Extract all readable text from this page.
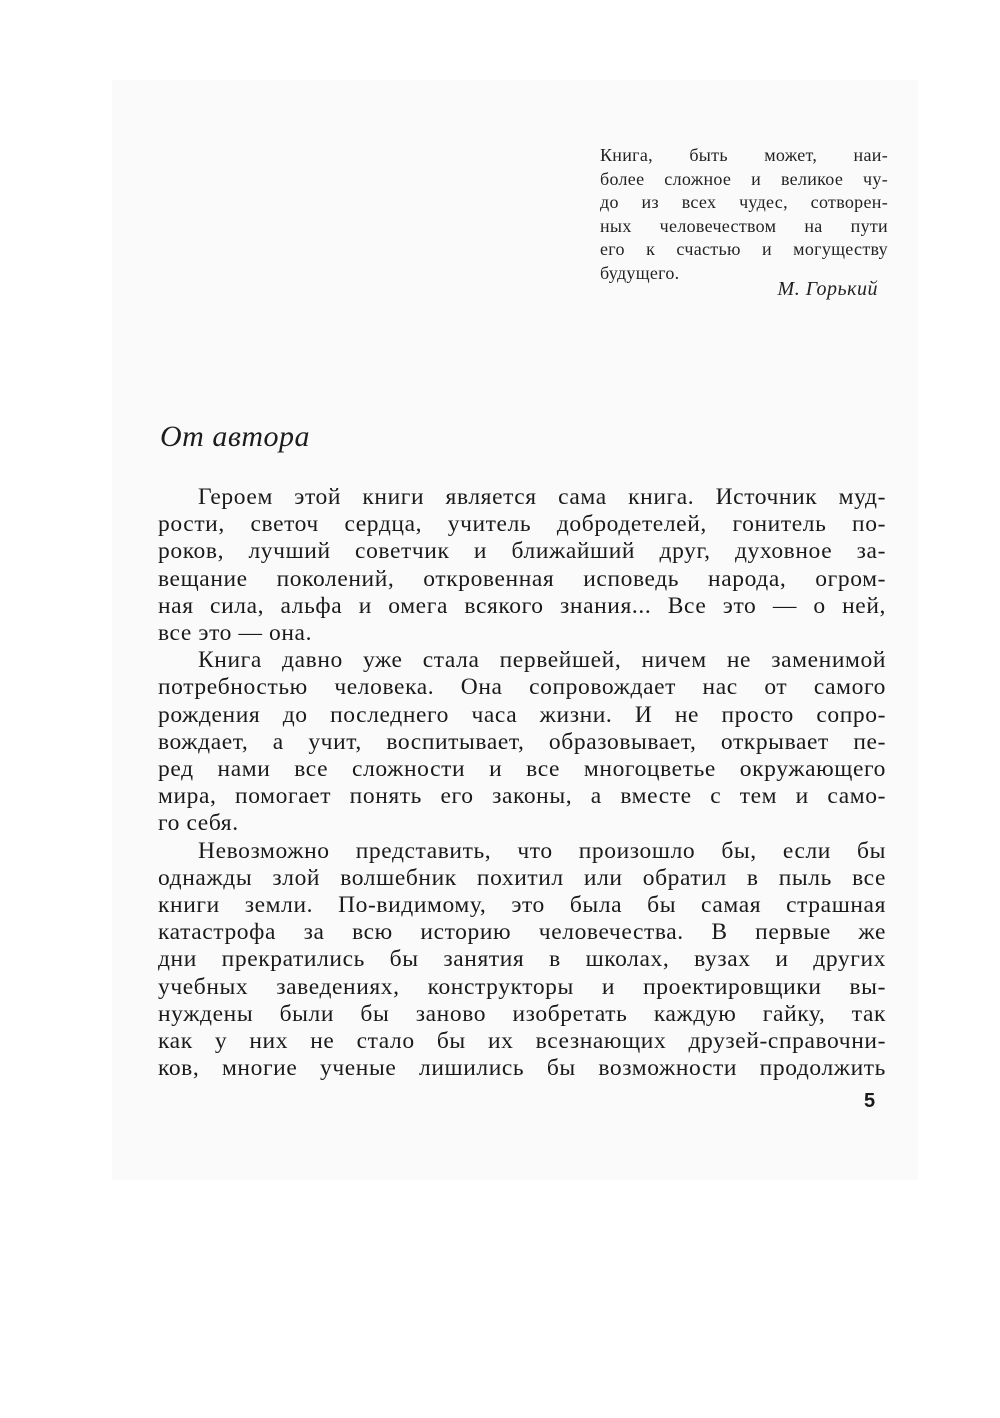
Книга, быть может, наи-
более сложное и великое чу-
до из всех чудес, сотворен-
ных человечеством на пути
его к счастью и могуществу
будущего.
М. Горький
От автора
Героем этой книги является сама книга. Источник муд-
рости, светоч сердца, учитель добродетелей, гонитель по-
роков, лучший советчик и ближайший друг, духовное за-
вещание поколений, откровенная исповедь народа, огром-
ная сила, альфа и омега всякого знания... Все это — о ней,
все это — она.
Книга давно уже стала первейшей, ничем не заменимой
потребностью человека. Она сопровождает нас от самого
рождения до последнего часа жизни. И не просто сопро-
вождает, а учит, воспитывает, образовывает, открывает пе-
ред нами все сложности и все многоцветье окружающего
мира, помогает понять его законы, а вместе с тем и само-
го себя.
Невозможно представить, что произошло бы, если бы
однажды злой волшебник похитил или обратил в пыль все
книги земли. По-видимому, это была бы самая страшная
катастрофа за всю историю человечества. В первые же
дни прекратились бы занятия в школах, вузах и других
учебных заведениях, конструкторы и проектировщики вы-
нуждены были бы заново изобретать каждую гайку, так
как у них не стало бы их всезнающих друзей-справочни-
ков, многие ученые лишились бы возможности продолжить
5
